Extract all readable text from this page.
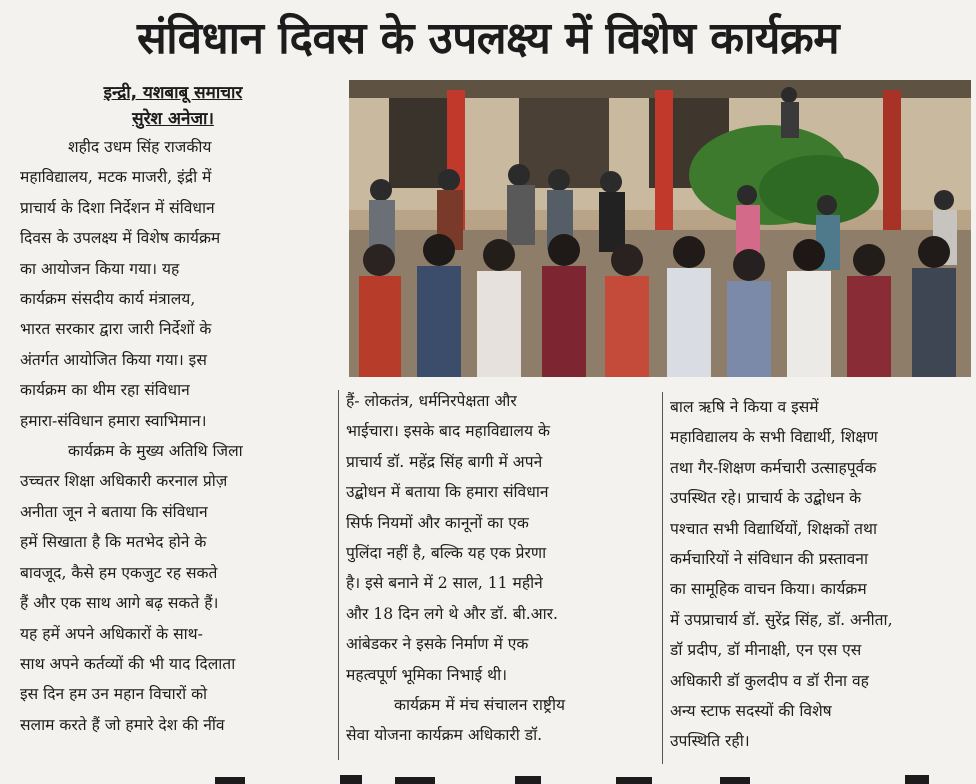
संविधान दिवस के उपलक्ष्य में विशेष कार्यक्रम
इन्द्री, यशबाबू समाचार
सुरेश अनेजा।
शहीद उधम सिंह राजकीय
महाविद्यालय, मटक माजरी, इंद्री में
प्राचार्य के दिशा निर्देशन में संविधान
दिवस के उपलक्ष्य में विशेष कार्यक्रम
का आयोजन किया गया। यह
कार्यक्रम संसदीय कार्य मंत्रालय,
भारत सरकार द्वारा जारी निर्देशों के
अंतर्गत आयोजित किया गया। इस
कार्यक्रम का थीम रहा संविधान
हमारा-संविधान हमारा स्वाभिमान।
कार्यक्रम के मुख्य अतिथि जिला
उच्चतर शिक्षा अधिकारी करनाल प्रोज़
अनीता जून ने बताया कि संविधान
हमें सिखाता है कि मतभेद होने के
बावजूद, कैसे हम एकजुट रह सकते
हैं और एक साथ आगे बढ़ सकते हैं।
यह हमें अपने अधिकारों के साथ-
साथ अपने कर्तव्यों की भी याद दिलाता
इस दिन हम उन महान विचारों को
सलाम करते हैं जो हमारे देश की नींव
हैं- लोकतंत्र, धर्मनिरपेक्षता और
भाईचारा। इसके बाद महाविद्यालय के
प्राचार्य डॉ. महेंद्र सिंह बागी में अपने
उद्बोधन में बताया कि हमारा संविधान
सिर्फ नियमों और कानूनों का एक
पुलिंदा नहीं है, बल्कि यह एक प्रेरणा
है। इसे बनाने में 2 साल, 11 महीने
और 18 दिन लगे थे और डॉ. बी.आर.
आंबेडकर ने इसके निर्माण में एक
महत्वपूर्ण भूमिका निभाई थी।
कार्यक्रम में मंच संचालन राष्ट्रीय
सेवा योजना कार्यक्रम अधिकारी डॉ.
बाल ऋषि ने किया व इसमें
महाविद्यालय के सभी विद्यार्थी, शिक्षण
तथा गैर-शिक्षण कर्मचारी उत्साहपूर्वक
उपस्थित रहे। प्राचार्य के उद्बोधन के
पश्चात सभी विद्यार्थियों, शिक्षकों तथा
कर्मचारियों ने संविधान की प्रस्तावना
का सामूहिक वाचन किया। कार्यक्रम
में उपप्राचार्य डॉ. सुरेंद्र सिंह, डॉ. अनीता,
डॉ प्रदीप, डॉ मीनाक्षी, एन एस एस
अधिकारी डॉ कुलदीप व डॉ रीना वह
अन्य स्टाफ सदस्यों की विशेष
उपस्थिति रही।
